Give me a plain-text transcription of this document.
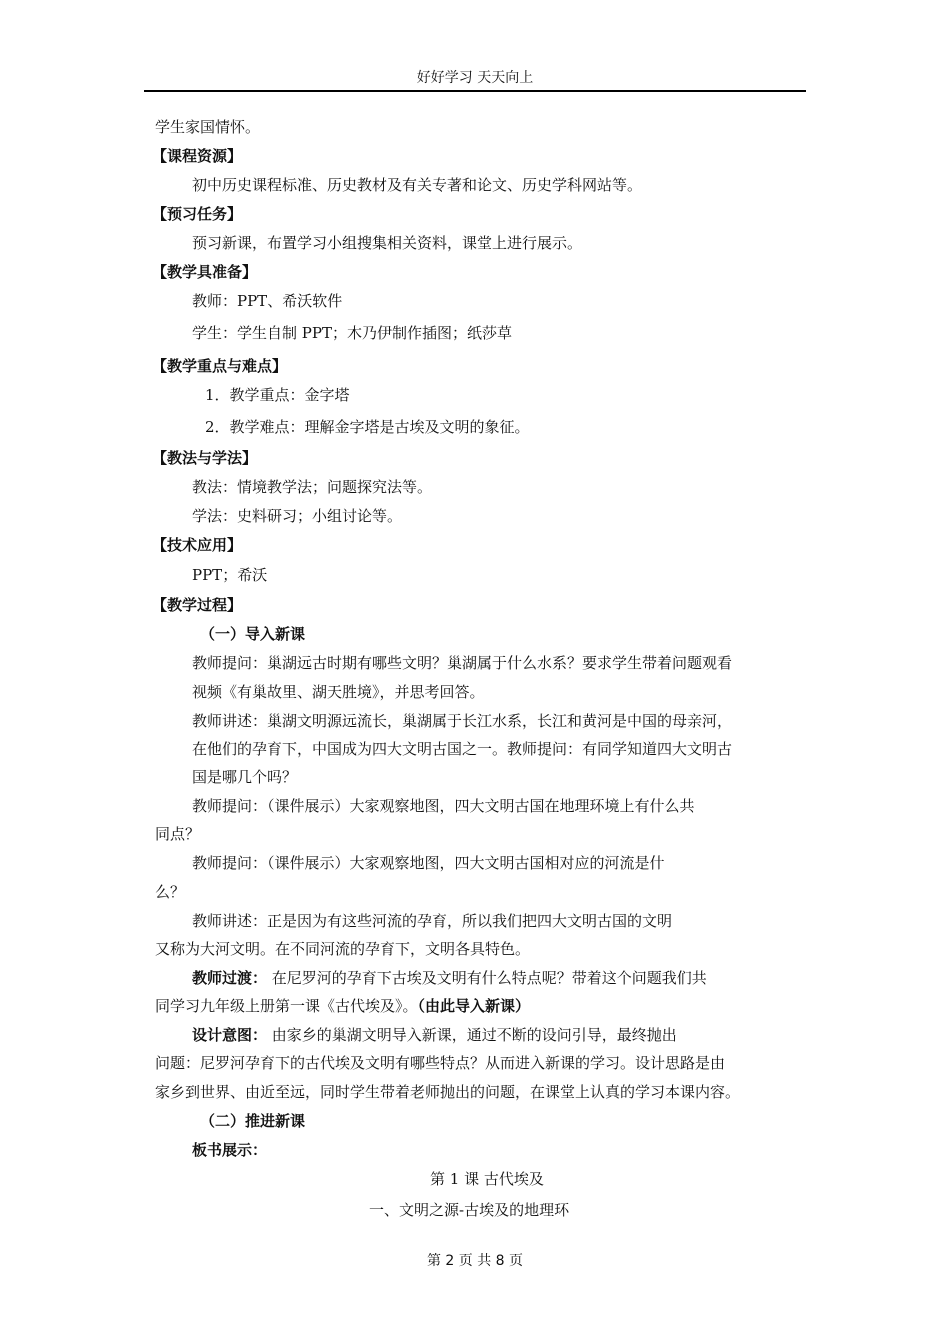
好好学习 天天向上

学生家国情怀。

【课程资源】

初中历史课程标准、历史教材及有关专著和论文、历史学科网站等。

【预习任务】

预习新课，布置学习小组搜集相关资料，课堂上进行展示。

【教学具准备】

教师：PPT、希沃软件

学生：学生自制 PPT；木乃伊制作插图；纸莎草

【教学重点与难点】

1．教学重点：金字塔

2．教学难点：理解金字塔是古埃及文明的象征。

【教法与学法】

教法：情境教学法；问题探究法等。

学法：史料研习；小组讨论等。

【技术应用】

PPT；希沃

【教学过程】

（一）导入新课

教师提问：巢湖远古时期有哪些文明？巢湖属于什么水系？要求学生带着问题观看

视频《有巢故里、湖天胜境》，并思考回答。

教师讲述：巢湖文明源远流长，巢湖属于长江水系，长江和黄河是中国的母亲河，

在他们的孕育下，中国成为四大文明古国之一。教师提问：有同学知道四大文明古

国是哪几个吗？

教师提问：（课件展示）大家观察地图，四大文明古国在地理环境上有什么共

同点？

教师提问：（课件展示）大家观察地图，四大文明古国相对应的河流是什

么？

教师讲述：正是因为有这些河流的孕育，所以我们把四大文明古国的文明

又称为大河文明。在不同河流的孕育下，文明各具特色。

教师过渡： 在尼罗河的孕育下古埃及文明有什么特点呢？带着这个问题我们共

同学习九年级上册第一课《古代埃及》。（由此导入新课）

设计意图： 由家乡的巢湖文明导入新课，通过不断的设问引导，最终抛出

问题：尼罗河孕育下的古代埃及文明有哪些特点？从而进入新课的学习。设计思路是由

家乡到世界、由近至远，同时学生带着老师抛出的问题，在课堂上认真的学习本课内容。

（二）推进新课

板书展示：

第 1 课 古代埃及

一、文明之源-古埃及的地理环

第 2 页 共 8 页
